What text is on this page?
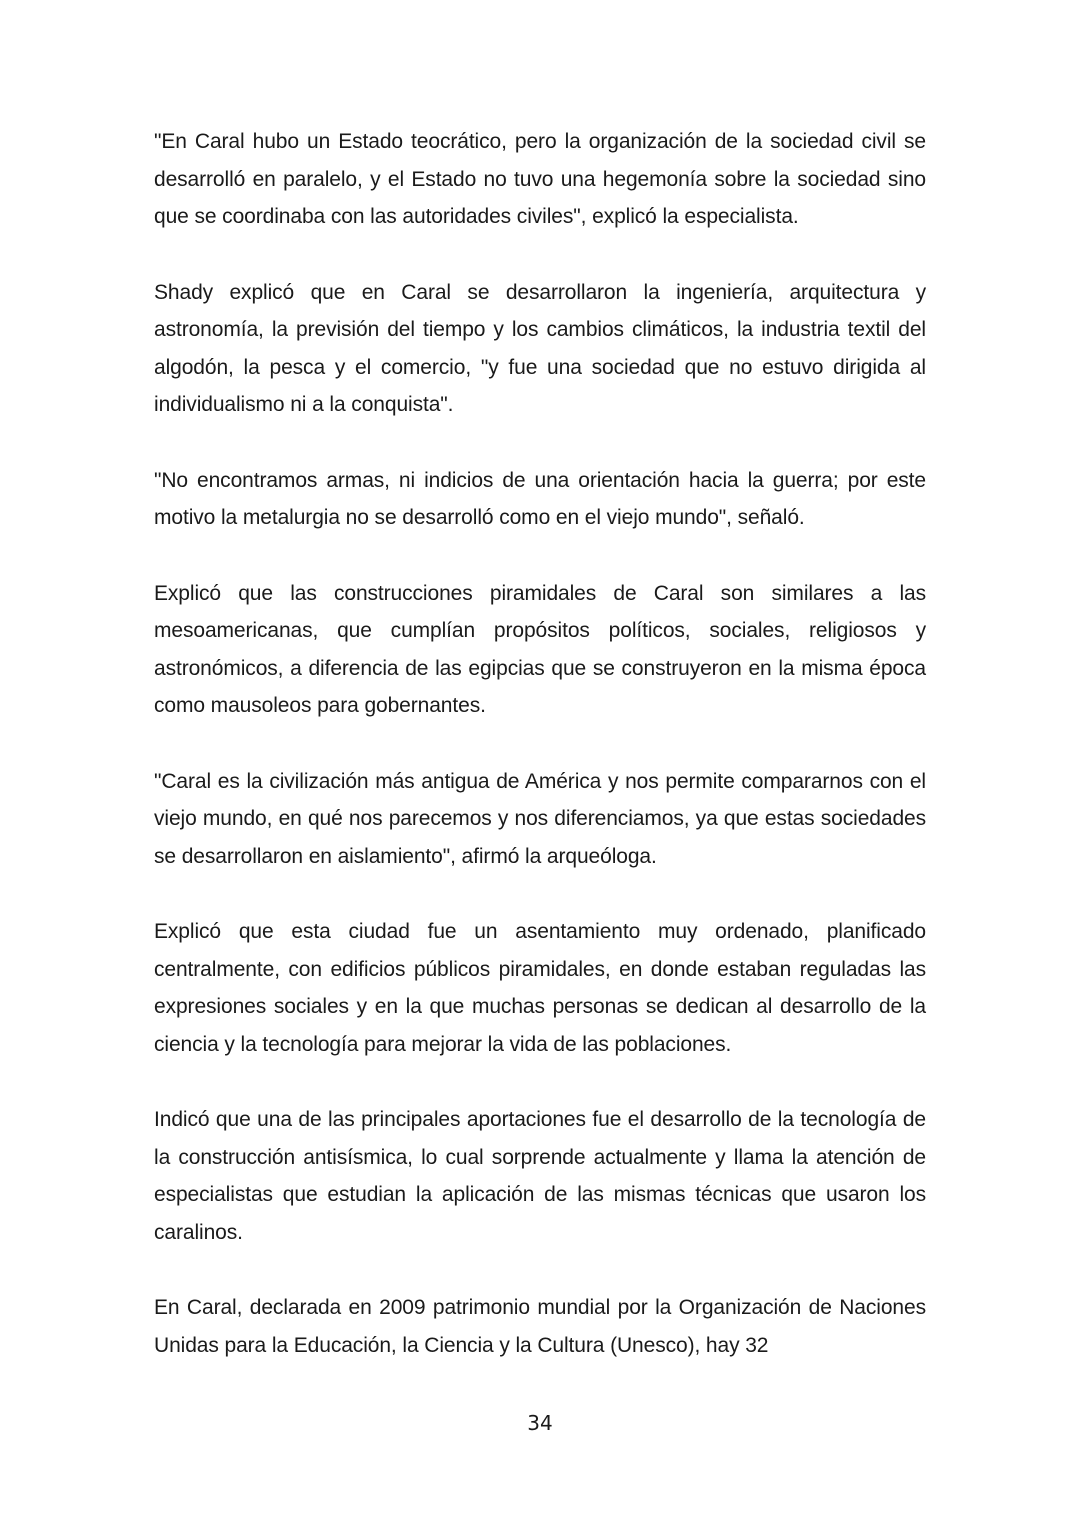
"En Caral hubo un Estado teocrático, pero la organización de la sociedad civil se desarrolló en paralelo, y el Estado no tuvo una hegemonía sobre la sociedad sino que se coordinaba con las autoridades civiles", explicó la especialista.

Shady explicó que en Caral se desarrollaron la ingeniería, arquitectura y astronomía, la previsión del tiempo y los cambios climáticos, la industria textil del algodón, la pesca y el comercio, "y fue una sociedad que no estuvo dirigida al individualismo ni a la conquista".

"No encontramos armas, ni indicios de una orientación hacia la guerra; por este motivo la metalurgia no se desarrolló como en el viejo mundo", señaló.

Explicó que las construcciones piramidales de Caral son similares a las mesoamericanas, que cumplían propósitos políticos, sociales, religiosos y astronómicos, a diferencia de las egipcias que se construyeron en la misma época como mausoleos para gobernantes.

"Caral es la civilización más antigua de América y nos permite compararnos con el viejo mundo, en qué nos parecemos y nos diferenciamos, ya que estas sociedades se desarrollaron en aislamiento", afirmó la arqueóloga.

Explicó que esta ciudad fue un asentamiento muy ordenado, planificado centralmente, con edificios públicos piramidales, en donde estaban reguladas las expresiones sociales y en la que muchas personas se dedican al desarrollo de la ciencia y la tecnología para mejorar la vida de las poblaciones.

Indicó que una de las principales aportaciones fue el desarrollo de la tecnología de la construcción antisísmica, lo cual sorprende actualmente y llama la atención de especialistas que estudian la aplicación de las mismas técnicas que usaron los caralinos.

En Caral, declarada en 2009 patrimonio mundial por la Organización de Naciones Unidas para la Educación, la Ciencia y la Cultura (Unesco), hay 32

34
